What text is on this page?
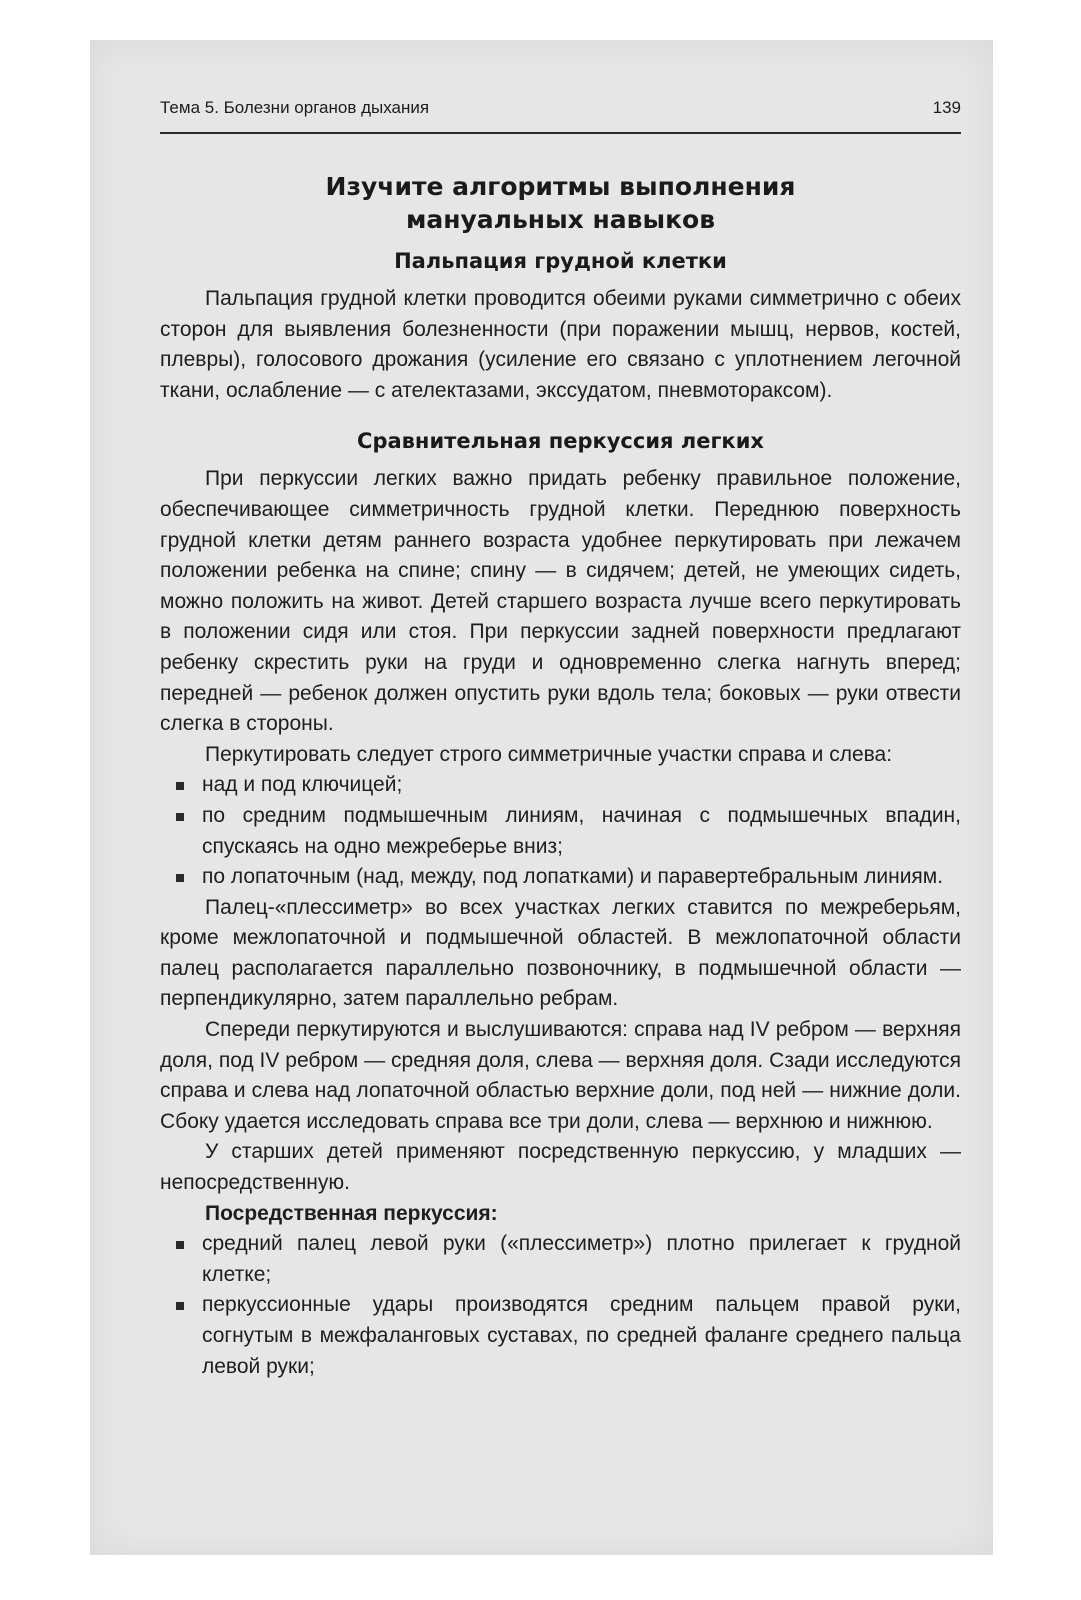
Тема 5. Болезни органов дыхания	139
Изучите алгоритмы выполнения
мануальных навыков
Пальпация грудной клетки

Пальпация грудной клетки проводится обеими руками симметрично с обеих сторон для выявления болезненности (при поражении мышц, нервов, костей, плевры), голосового дрожания (усиление его связано с уплотнением легочной ткани, ослабление — с ателектазами, экссудатом, пневмотораксом).

Сравнительная перкуссия легких

При перкуссии легких важно придать ребенку правильное положение, обеспечивающее симметричность грудной клетки. Переднюю поверхность грудной клетки детям раннего возраста удобнее перкутировать при лежачем положении ребенка на спине; спину — в сидячем; детей, не умеющих сидеть, можно положить на живот. Детей старшего возраста лучше всего перкутировать в положении сидя или стоя. При перкуссии задней поверхности предлагают ребенку скрестить руки на груди и одновременно слегка нагнуть вперед; передней — ребенок должен опустить руки вдоль тела; боковых — руки отвести слегка в стороны.

Перкутировать следует строго симметричные участки справа и слева:

над и под ключицей;
по средним подмышечным линиям, начиная с подмышечных впадин, спускаясь на одно межреберье вниз;
по лопаточным (над, между, под лопатками) и паравертебральным линиям.

Палец-«плессиметр» во всех участках легких ставится по межреберьям, кроме межлопаточной и подмышечной областей. В межлопаточной области палец располагается параллельно позвоночнику, в подмышечной области — перпендикулярно, затем параллельно ребрам.

Спереди перкутируются и выслушиваются: справа над IV ребром — верхняя доля, под IV ребром — средняя доля, слева — верхняя доля. Сзади исследуются справа и слева над лопаточной областью верхние доли, под ней — нижние доли. Сбоку удается исследовать справа все три доли, слева — верхнюю и нижнюю.

У старших детей применяют посредственную перкуссию, у младших — непосредственную.

Посредственная перкуссия:

средний палец левой руки («плессиметр») плотно прилегает к грудной клетке;
перкуссионные удары производятся средним пальцем правой руки, согнутым в межфаланговых суставах, по средней фаланге среднего пальца левой руки;
